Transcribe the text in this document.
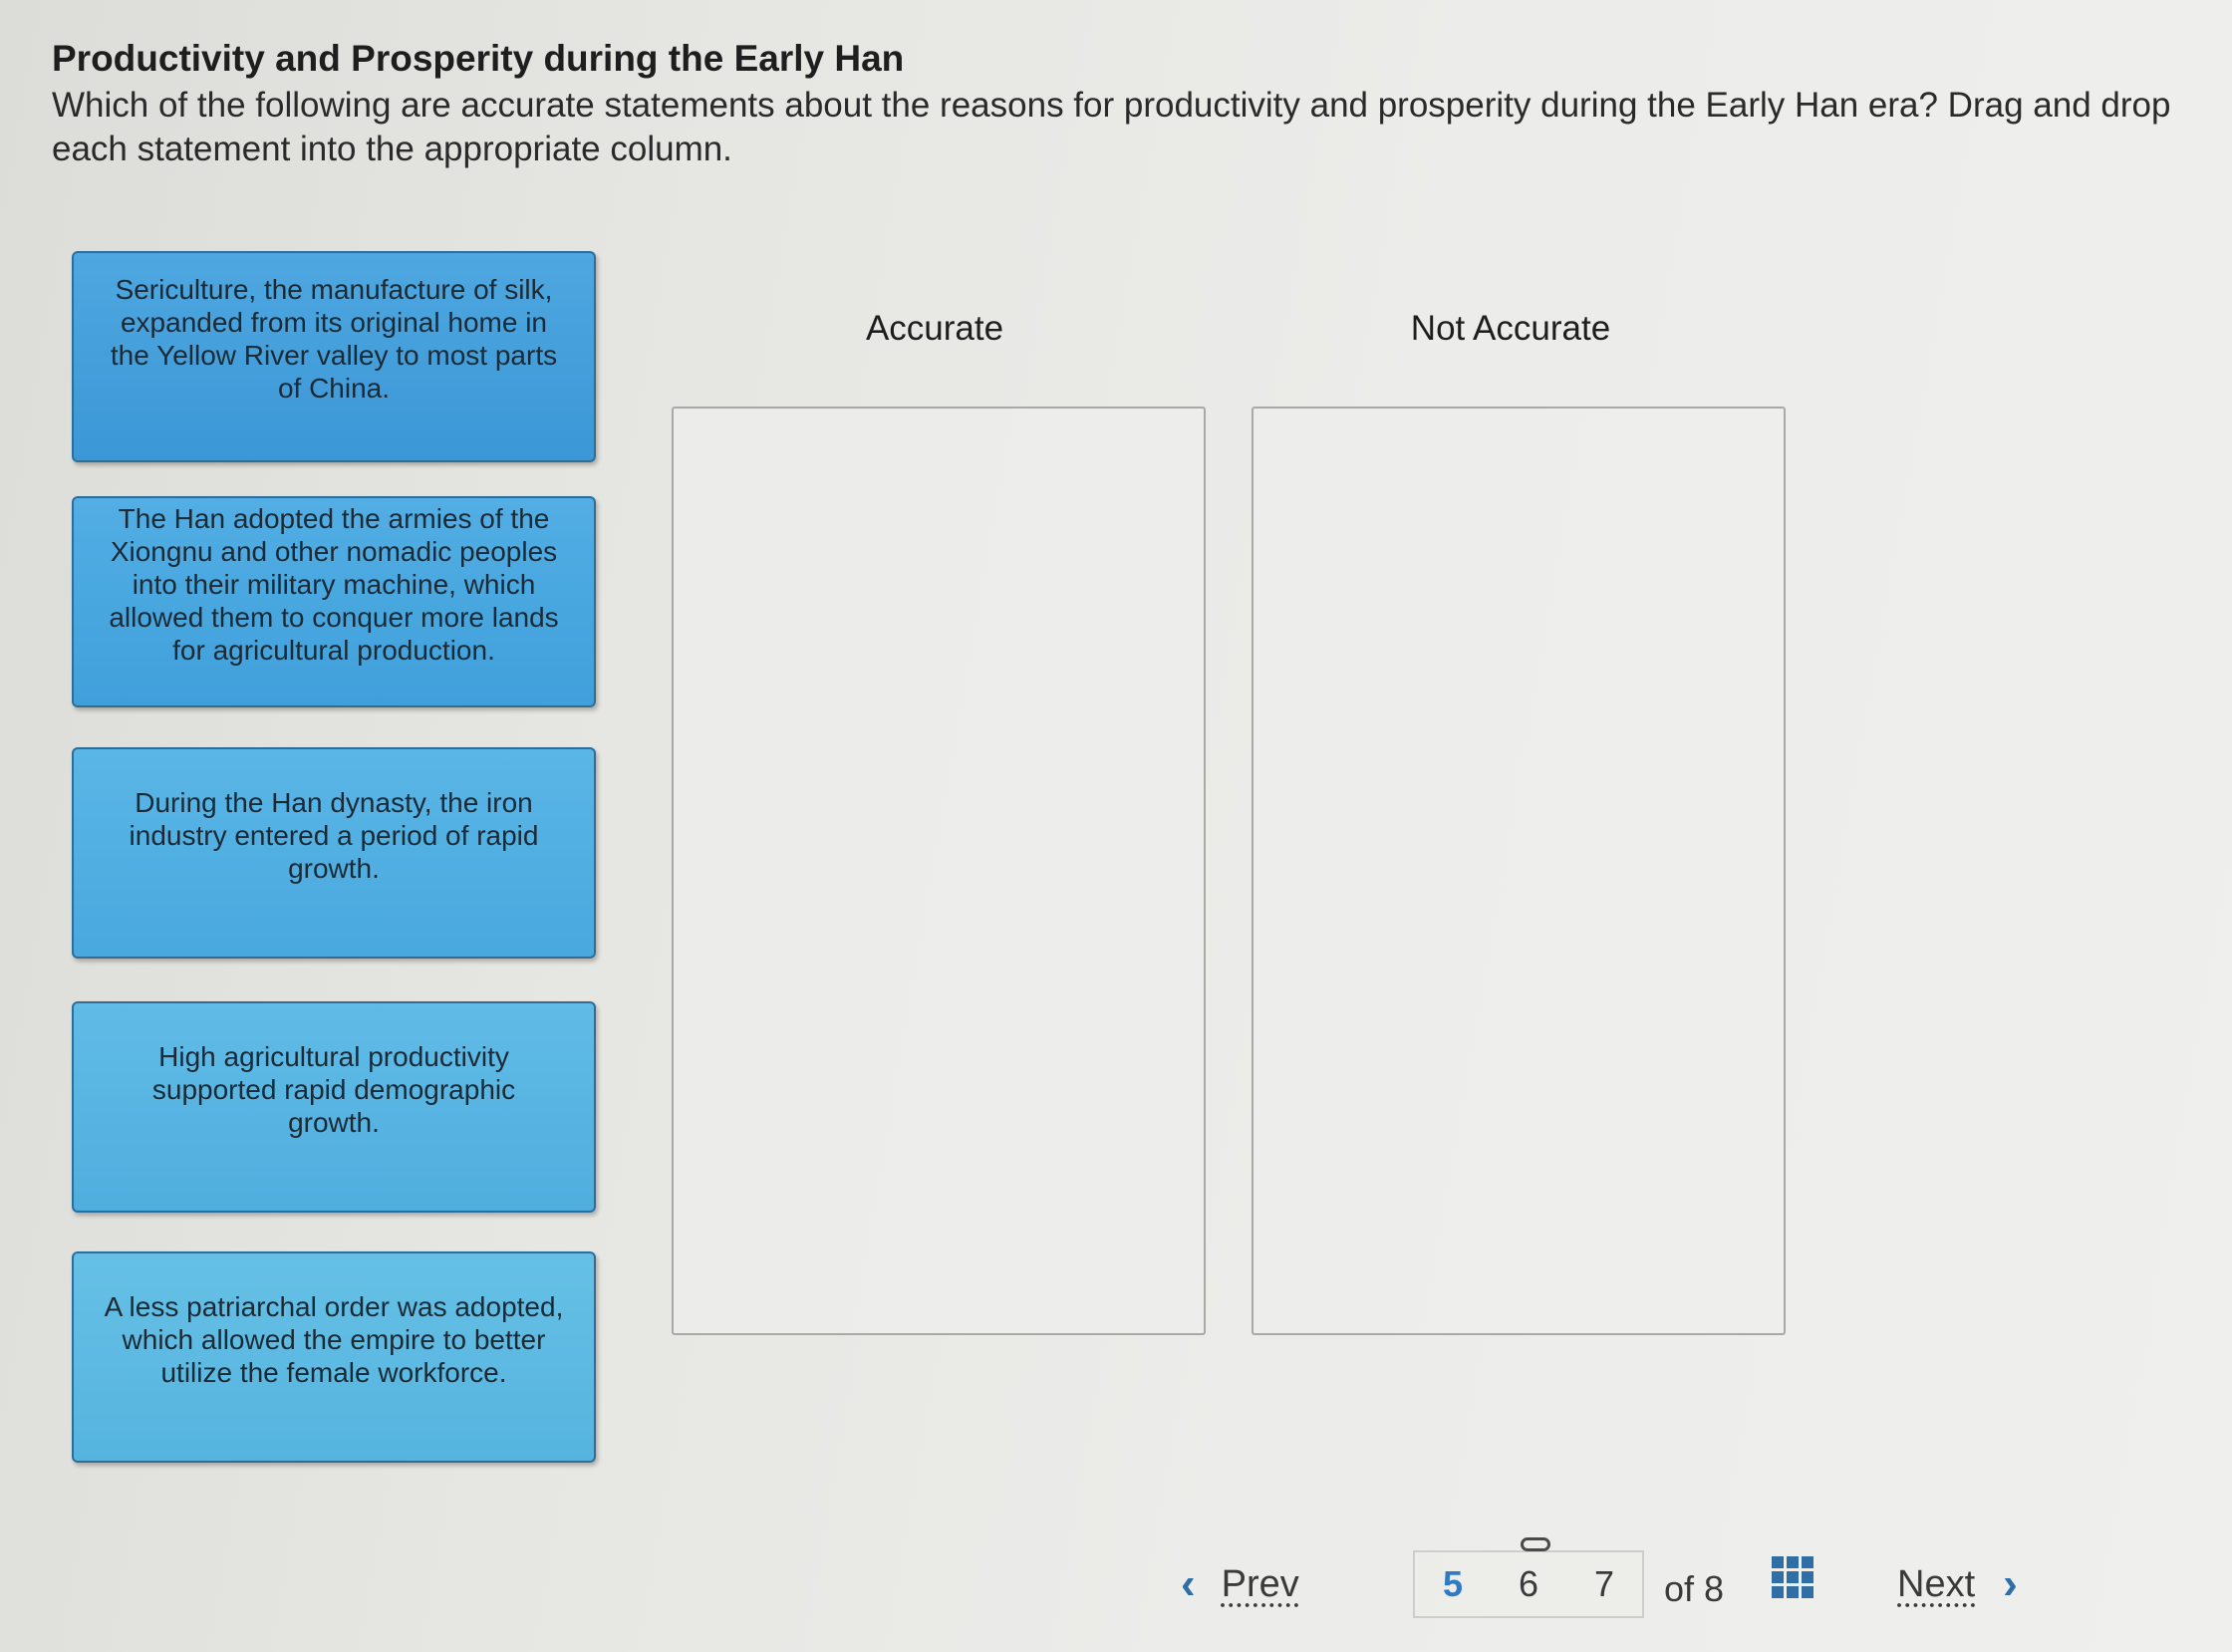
Productivity and Prosperity during the Early Han
Which of the following are accurate statements about the reasons for productivity and prosperity during the Early Han era? Drag and drop each statement into the appropriate column.
Sericulture, the manufacture of silk, expanded from its original home in the Yellow River valley to most parts of China.
The Han adopted the armies of the Xiongnu and other nomadic peoples into their military machine, which allowed them to conquer more lands for agricultural production.
During the Han dynasty, the iron industry entered a period of rapid growth.
High agricultural productivity supported rapid demographic growth.
A less patriarchal order was adopted, which allowed the empire to better utilize the female workforce.
Accurate	Not Accurate
‹ Prev	5 6 7 of 8	Next ›
